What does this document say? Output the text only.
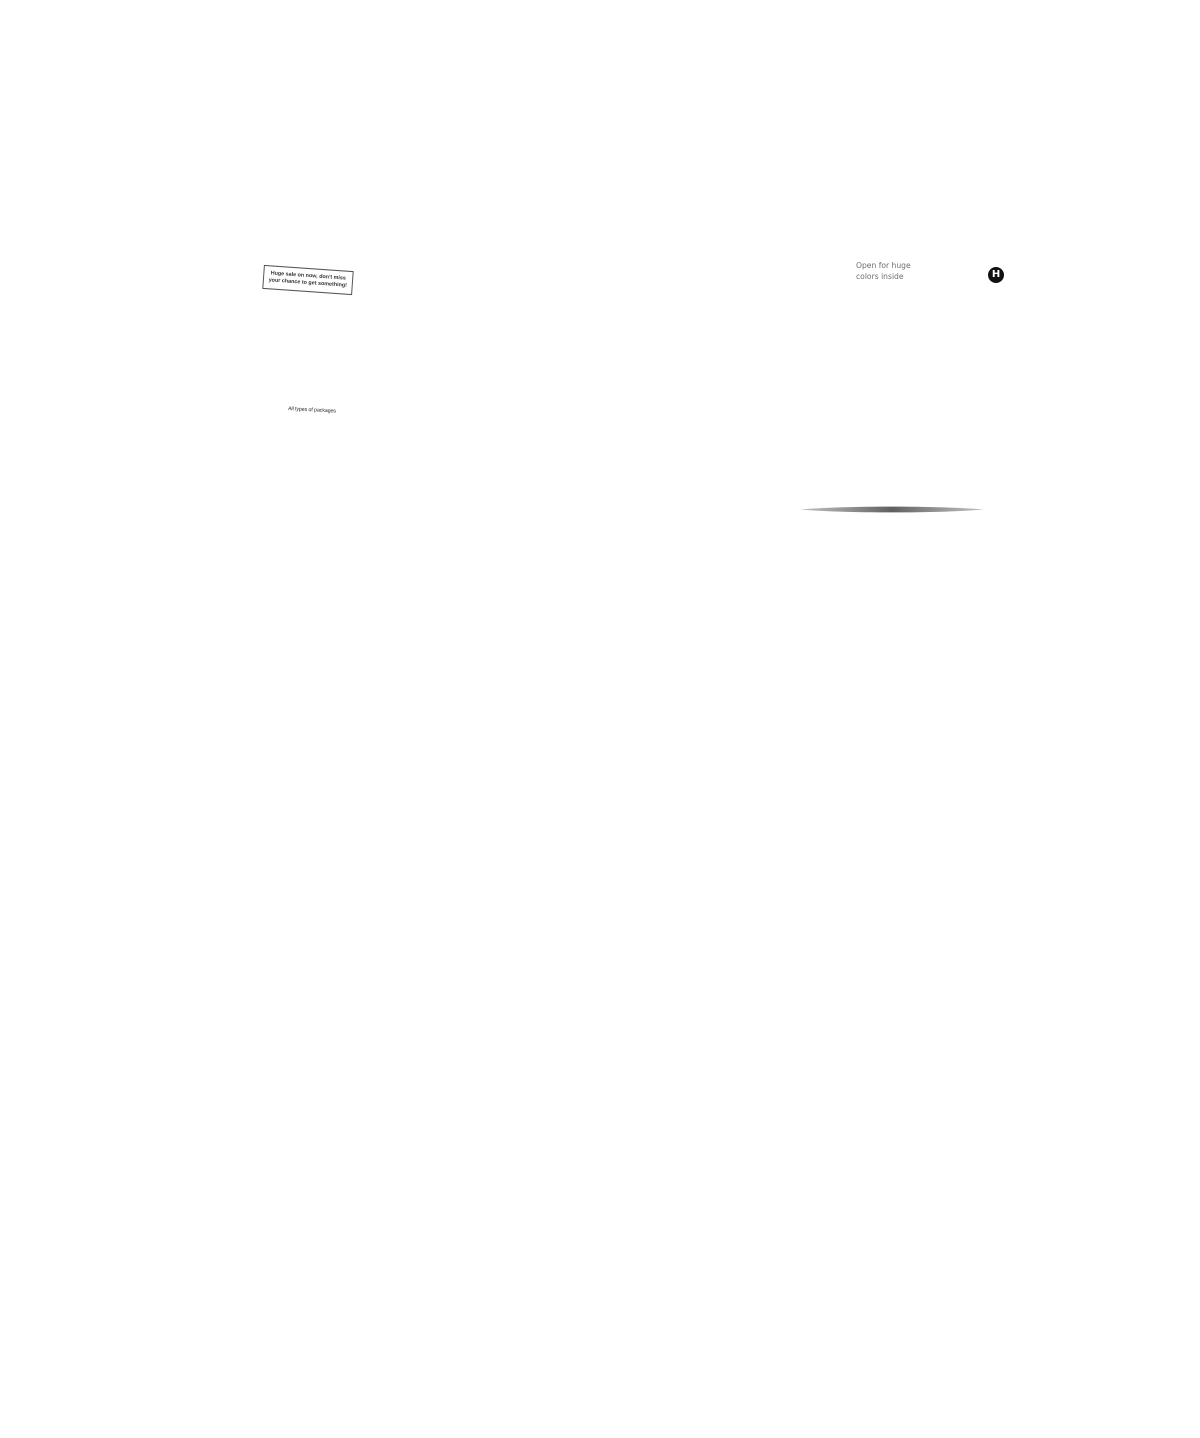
Huge sale on now, don't miss
your chance to get something!
All types of packages
Open for huge
colors inside	H
